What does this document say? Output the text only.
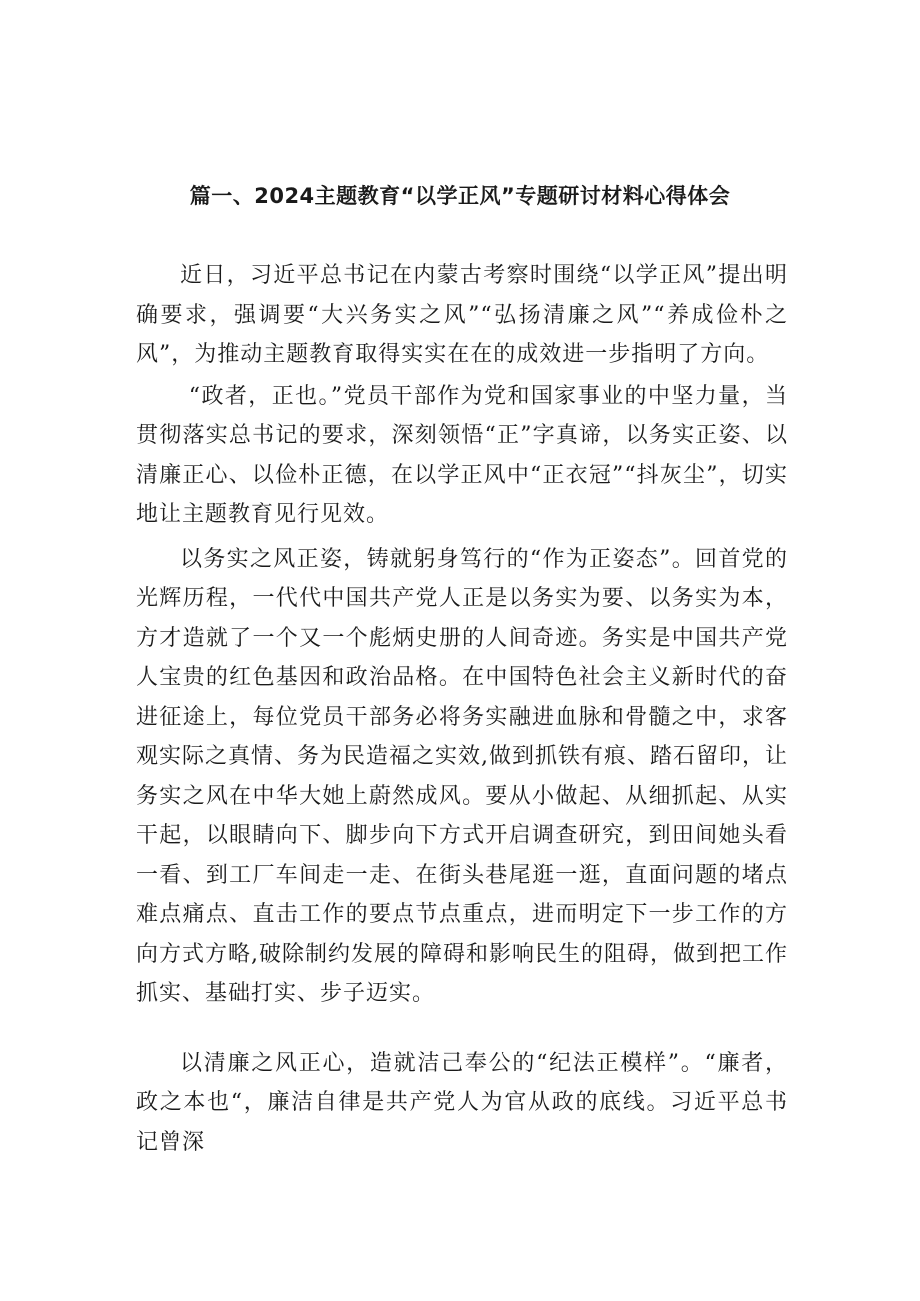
篇一、2024主题教育“以学正风”专题研讨材料心得体会

近日，习近平总书记在内蒙古考察时围绕“以学正风”提出明确要求，强调要“大兴务实之风”“弘扬清廉之风”“养成俭朴之风”，为推动主题教育取得实实在在的成效进一步指明了方向。

“政者，正也。”党员干部作为党和国家事业的中坚力量，当贯彻落实总书记的要求，深刻领悟“正”字真谛，以务实正姿、以清廉正心、以俭朴正德，在以学正风中“正衣冠”“抖灰尘”，切实地让主题教育见行见效。

以务实之风正姿，铸就躬身笃行的“作为正姿态”。回首党的光辉历程，一代代中国共产党人正是以务实为要、以务实为本，方才造就了一个又一个彪炳史册的人间奇迹。务实是中国共产党人宝贵的红色基因和政治品格。在中国特色社会主义新时代的奋进征途上，每位党员干部务必将务实融进血脉和骨髓之中，求客观实际之真情、务为民造福之实效,做到抓铁有痕、踏石留印，让务实之风在中华大她上蔚然成风。要从小做起、从细抓起、从实干起，以眼睛向下、脚步向下方式开启调查研究，到田间她头看一看、到工厂车间走一走、在街头巷尾逛一逛，直面问题的堵点难点痛点、直击工作的要点节点重点，进而明定下一步工作的方向方式方略,破除制约发展的障碍和影响民生的阻碍，做到把工作抓实、基础打实、步子迈实。

以清廉之风正心，造就洁己奉公的“纪法正模样”。“廉者，政之本也“，廉洁自律是共产党人为官从政的底线。习近平总书记曾深
